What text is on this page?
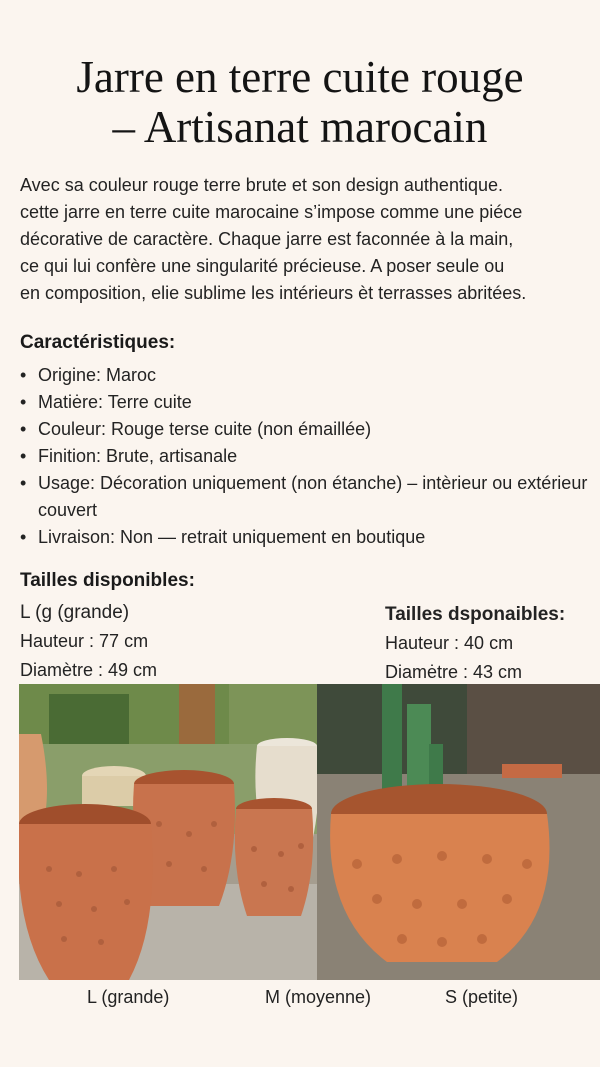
Jarre en terre cuite rouge
– Artisanat marocain
Avec sa couleur rouge terre brute et son design authentique.
cette jarre en terre cuite marocaine s’impose comme une piéce
décorative de caractère. Chaque jarre est faconnée à la main,
ce qui lui confère une singularité précieuse. A poser seule ou
en composition, elie sublime les intérieurs èt terrasses abritées.
Caractéristiques:
• Origine: Maroc
• Matiėre: Terre cuite
• Couleur: Rouge terse cuite (non émaillée)
• Finition: Brute, artisanale
• Usage: Décoration uniquement (non étanche) – intèrieur ou extérieur couvert
• Livraison: Non — retrait uniquement en boutique
Tailles disponibles:
L (g (grande)
Hauteur : 77 cm
Diamètre : 49 cm
Tailles dsponaibles:
Hauteur : 40 cm
Diamėtre : 43 cm
L (grande)	M (moyenne)	S (petite)
